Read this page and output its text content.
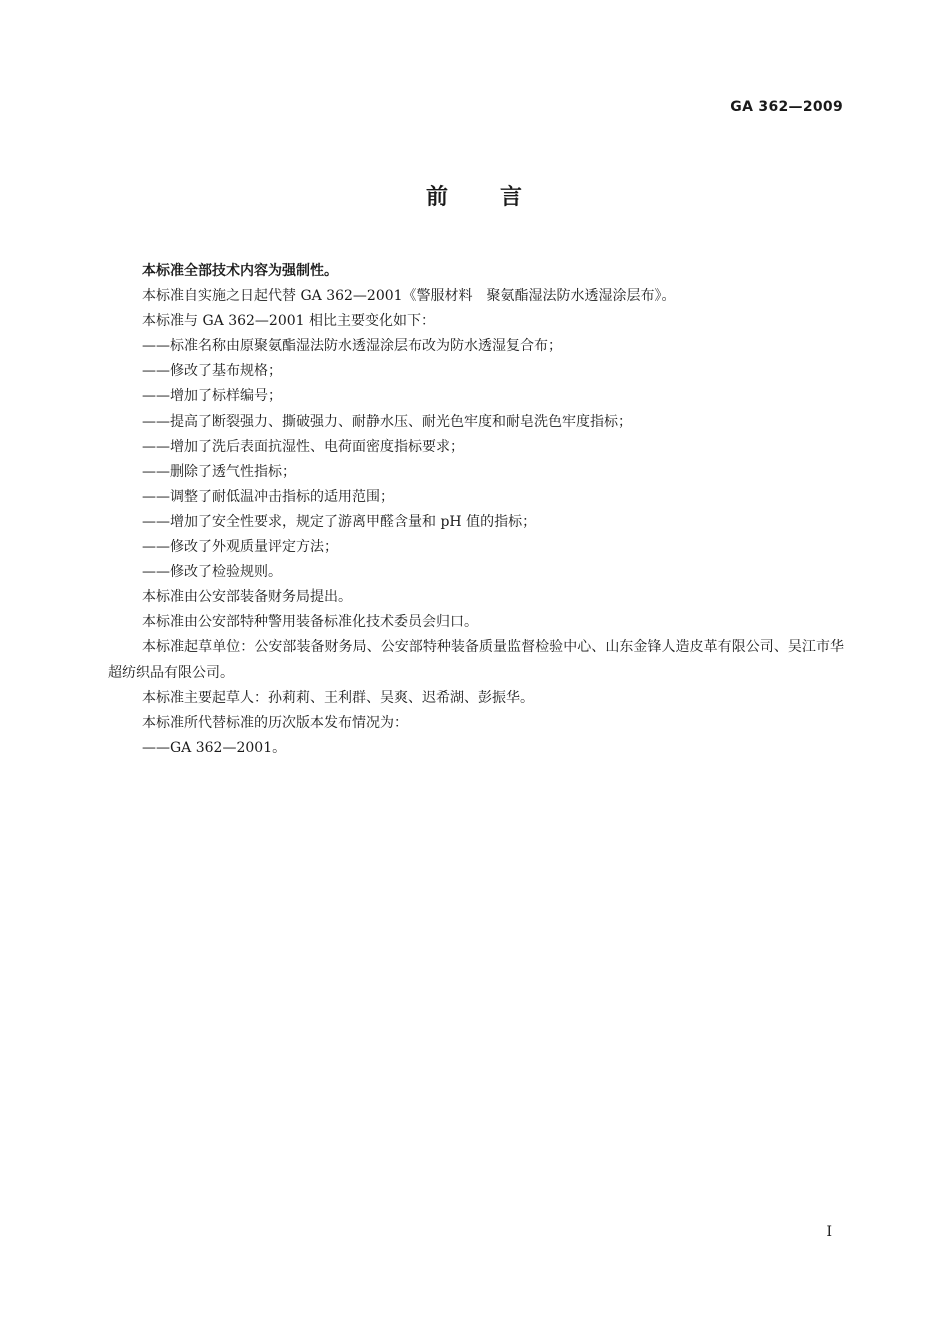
GA 362—2009
前 言

本标准全部技术内容为强制性。

本标准自实施之日起代替 GA 362—2001《警服材料　聚氨酯湿法防水透湿涂层布》。

本标准与 GA 362—2001 相比主要变化如下：

——标准名称由原聚氨酯湿法防水透湿涂层布改为防水透湿复合布；

——修改了基布规格；

——增加了标样编号；

——提高了断裂强力、撕破强力、耐静水压、耐光色牢度和耐皂洗色牢度指标；

——增加了洗后表面抗湿性、电荷面密度指标要求；

——删除了透气性指标；

——调整了耐低温冲击指标的适用范围；

——增加了安全性要求，规定了游离甲醛含量和 pH 值的指标；

——修改了外观质量评定方法；

——修改了检验规则。

本标准由公安部装备财务局提出。

本标准由公安部特种警用装备标准化技术委员会归口。

本标准起草单位：公安部装备财务局、公安部特种装备质量监督检验中心、山东金锋人造皮革有限公司、吴江市华超纺织品有限公司。

本标准主要起草人：孙莉莉、王利群、吴爽、迟希湖、彭振华。

本标准所代替标准的历次版本发布情况为：

——GA 362—2001。

I
